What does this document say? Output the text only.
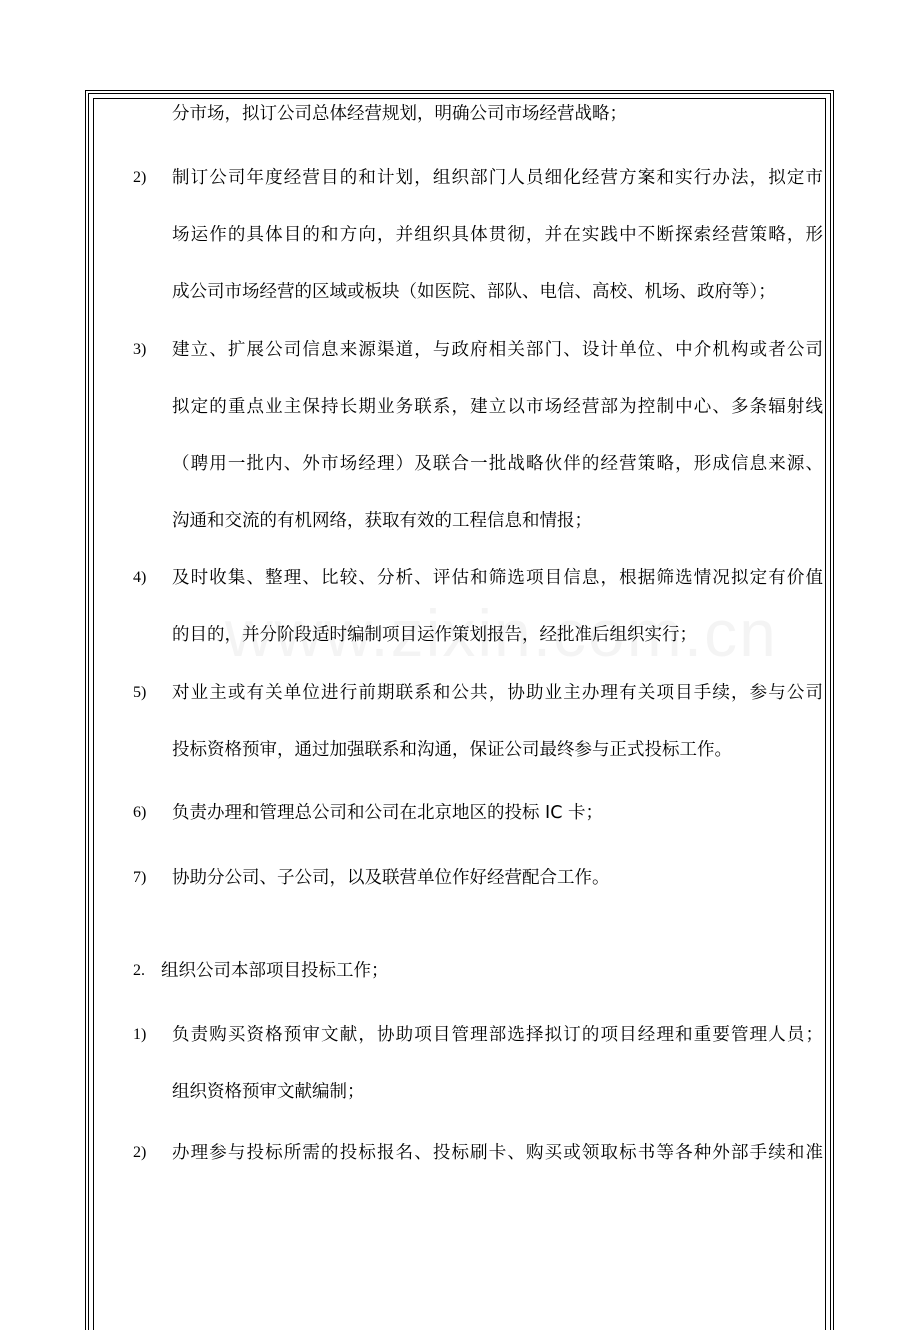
分市场，拟订公司总体经营规划，明确公司市场经营战略；
2) 制订公司年度经营目的和计划，组织部门人员细化经营方案和实行办法，拟定市
场运作的具体目的和方向，并组织具体贯彻，并在实践中不断探索经营策略，形
成公司市场经营的区域或板块（如医院、部队、电信、高校、机场、政府等）；
3) 建立、扩展公司信息来源渠道，与政府相关部门、设计单位、中介机构或者公司
拟定的重点业主保持长期业务联系，建立以市场经营部为控制中心、多条辐射线
（聘用一批内、外市场经理）及联合一批战略伙伴的经营策略，形成信息来源、
沟通和交流的有机网络，获取有效的工程信息和情报；
4) 及时收集、整理、比较、分析、评估和筛选项目信息，根据筛选情况拟定有价值
的目的，并分阶段适时编制项目运作策划报告，经批准后组织实行；
5) 对业主或有关单位进行前期联系和公共，协助业主办理有关项目手续，参与公司
投标资格预审，通过加强联系和沟通，保证公司最终参与正式投标工作。
6) 负责办理和管理总公司和公司在北京地区的投标 IC 卡；
7) 协助分公司、子公司，以及联营单位作好经营配合工作。
2. 组织公司本部项目投标工作；
1) 负责购买资格预审文献，协助项目管理部选择拟订的项目经理和重要管理人员；
组织资格预审文献编制；
2) 办理参与投标所需的投标报名、投标刷卡、购买或领取标书等各种外部手续和准
